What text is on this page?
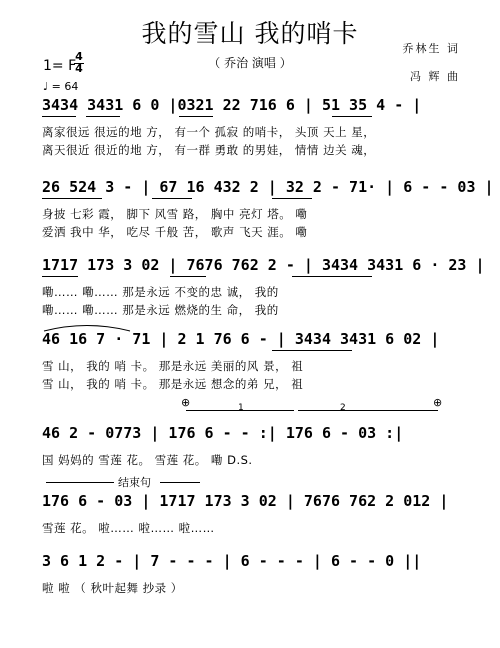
我的雪山 我的哨卡
（ 乔治 演唱 ）
乔林生 词
冯 辉 曲
1= F
4
4
♩ = 64
3434 3431 6 0 |0321 22 716 6 | 51 35 4 - |
离家很远 很远的地 方， 有一个 孤寂 的哨卡， 头顶 天上 星，
离天很近 很近的地 方， 有一群 勇敢 的男娃， 情情 边关 魂，
26 524 3 - | 67 16 432 2 | 32 2 - 71· | 6 - - 03 |
身披 七彩 霞， 脚下 风雪 路， 胸中 亮灯 塔。 嘞
爱洒 我中 华， 吃尽 千般 苦， 歌声 飞天 涯。 嘞
1717 173 3 02 | 7676 762 2 - | 3434 3431 6 · 23 |
嘞…… 嘞…… 那是永远 不变的忠 诚， 我的
嘞…… 嘞…… 那是永远 燃烧的生 命， 我的
46 16 7 · 71 | 2 1 76 6 - | 3434 3431 6 02 |
雪 山， 我的 哨 卡。 那是永远 美丽的风 景， 祖
雪 山， 我的 哨 卡。 那是永远 想念的弟 兄， 祖
⊕	⊕
1	2
46 2 - 0773 | 176 6 - - :| 176 6 - 03 :|
国 妈妈的 雪莲 花。 雪莲 花。 嘞 D.S.
结束句
176 6 - 03 | 1717 173 3 02 | 7676 762 2 012 |
雪莲 花。 啦…… 啦…… 啦……
3 6 1 2 - | 7 - - - | 6 - - - | 6 - - 0 ||
啦 啦 （ 秋叶起舞 抄录 ）
